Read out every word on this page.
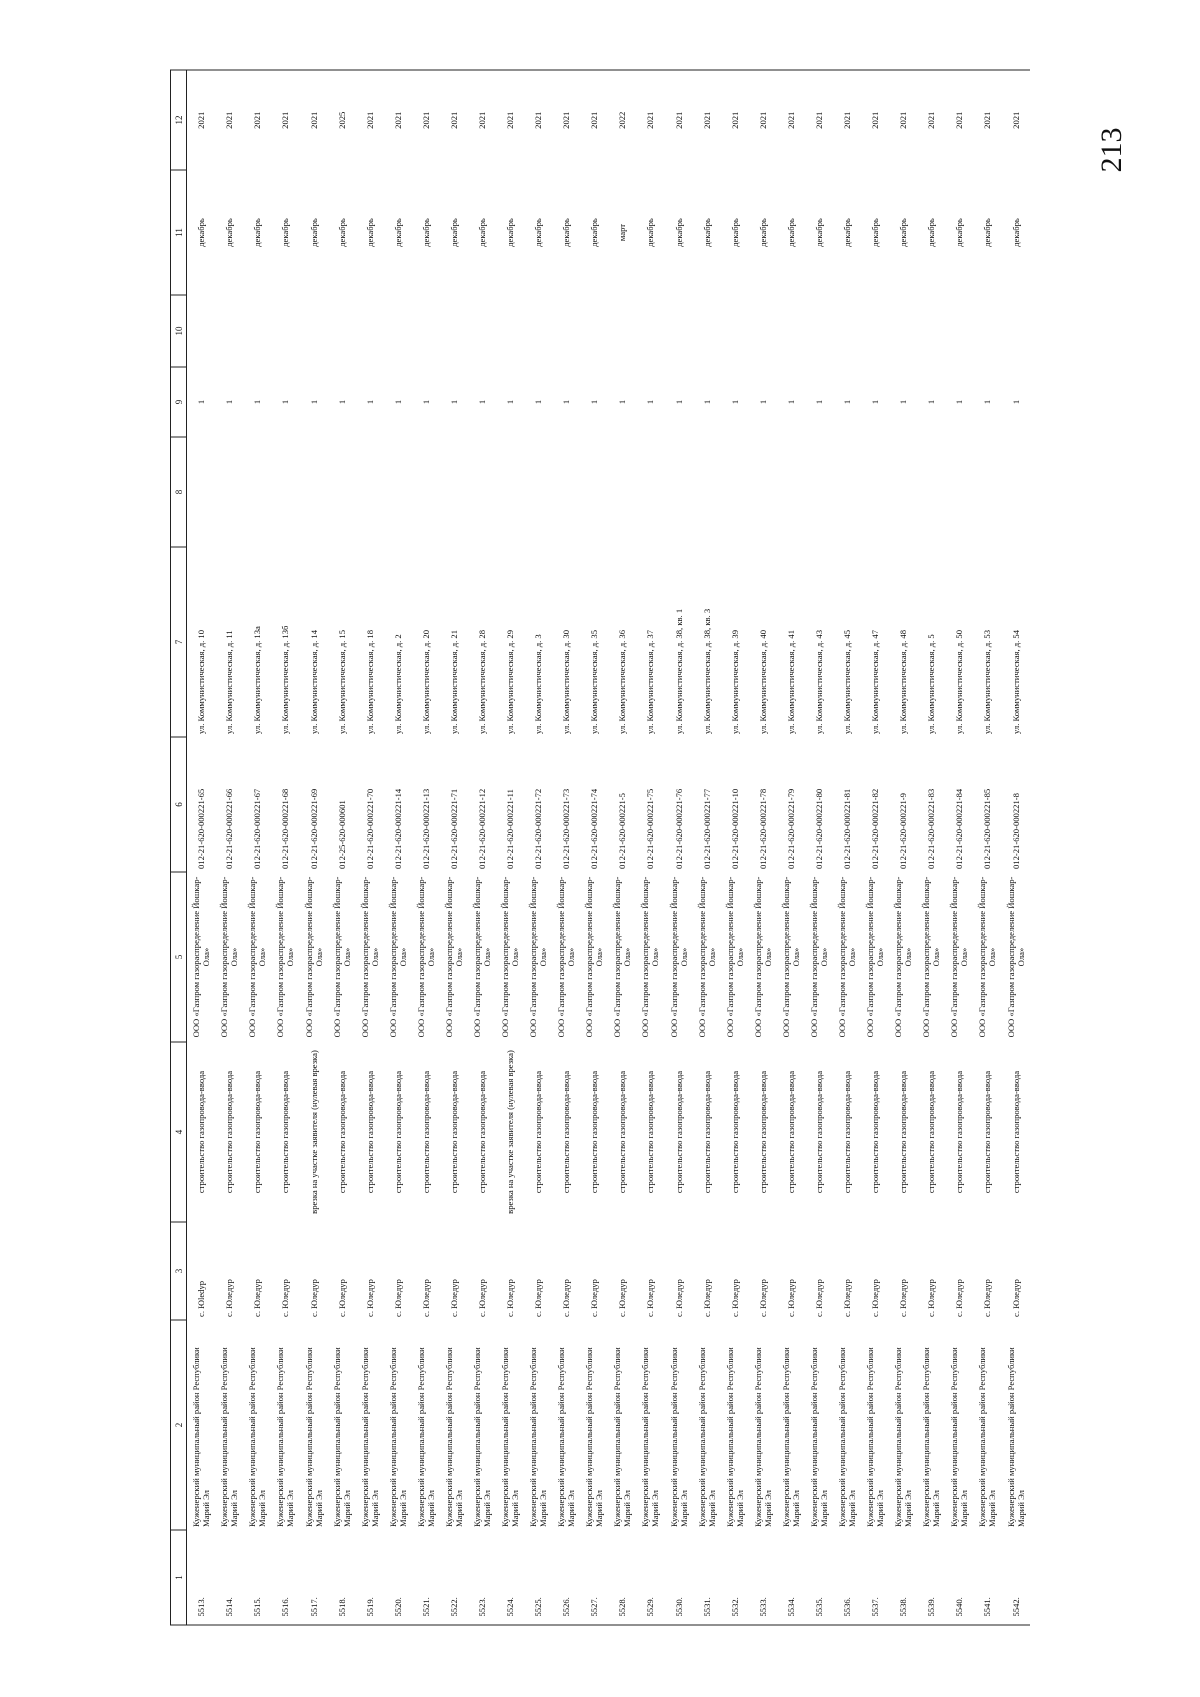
213
1	2	3	4	5	6	7	8	9	10	11	12
5513.	Куженерский муниципальный район Республики Марий Эл	с. Юledур	строительство газопровода-ввода	ООО «Газпром газораспределение Йошкар-Ола»	012-21-620-000221-65	ул. Коммунистическая, д. 10		1		декабрь	2021
5514.	Куженерский муниципальный район Республики Марий Эл	с. Юледур	строительство газопровода-ввода	ООО «Газпром газораспределение Йошкар-Ола»	012-21-620-000221-66	ул. Коммунистическая, д. 11		1		декабрь	2021
5515.	Куженерский муниципальный район Республики Марий Эл	с. Юледур	строительство газопровода-ввода	ООО «Газпром газораспределение Йошкар-Ола»	012-21-620-000221-67	ул. Коммунистическая, д. 13а		1		декабрь	2021
5516.	Куженерский муниципальный район Республики Марий Эл	с. Юледур	строительство газопровода-ввода	ООО «Газпром газораспределение Йошкар-Ола»	012-21-620-000221-68	ул. Коммунистическая, д. 13б		1		декабрь	2021
5517.	Куженерский муниципальный район Республики Марий Эл	с. Юледур	врезка на участке заявителя (нулевая врезка)	ООО «Газпром газораспределение Йошкар-Ола»	012-21-620-000221-69	ул. Коммунистическая, д. 14		1		декабрь	2021
5518.	Куженерский муниципальный район Республики Марий Эл	с. Юледур	строительство газопровода-ввода	ООО «Газпром газораспределение Йошкар-Ола»	012-25-620-000601	ул. Коммунистическая, д. 15		1		декабрь	2025
5519.	Куженерский муниципальный район Республики Марий Эл	с. Юледур	строительство газопровода-ввода	ООО «Газпром газораспределение Йошкар-Ола»	012-21-620-000221-70	ул. Коммунистическая, д. 18		1		декабрь	2021
5520.	Куженерский муниципальный район Республики Марий Эл	с. Юледур	строительство газопровода-ввода	ООО «Газпром газораспределение Йошкар-Ола»	012-21-620-000221-14	ул. Коммунистическая, д. 2		1		декабрь	2021
5521.	Куженерский муниципальный район Республики Марий Эл	с. Юледур	строительство газопровода-ввода	ООО «Газпром газораспределение Йошкар-Ола»	012-21-620-000221-13	ул. Коммунистическая, д. 20		1		декабрь	2021
5522.	Куженерский муниципальный район Республики Марий Эл	с. Юледур	строительство газопровода-ввода	ООО «Газпром газораспределение Йошкар-Ола»	012-21-620-000221-71	ул. Коммунистическая, д. 21		1		декабрь	2021
5523.	Куженерский муниципальный район Республики Марий Эл	с. Юледур	строительство газопровода-ввода	ООО «Газпром газораспределение Йошкар-Ола»	012-21-620-000221-12	ул. Коммунистическая, д. 28		1		декабрь	2021
5524.	Куженерский муниципальный район Республики Марий Эл	с. Юледур	врезка на участке заявителя (нулевая врезка)	ООО «Газпром газораспределение Йошкар-Ола»	012-21-620-000221-11	ул. Коммунистическая, д. 29		1		декабрь	2021
5525.	Куженерский муниципальный район Республики Марий Эл	с. Юледур	строительство газопровода-ввода	ООО «Газпром газораспределение Йошкар-Ола»	012-21-620-000221-72	ул. Коммунистическая, д. 3		1		декабрь	2021
5526.	Куженерский муниципальный район Республики Марий Эл	с. Юледур	строительство газопровода-ввода	ООО «Газпром газораспределение Йошкар-Ола»	012-21-620-000221-73	ул. Коммунистическая, д. 30		1		декабрь	2021
5527.	Куженерский муниципальный район Республики Марий Эл	с. Юледур	строительство газопровода-ввода	ООО «Газпром газораспределение Йошкар-Ола»	012-21-620-000221-74	ул. Коммунистическая, д. 35		1		декабрь	2021
5528.	Куженерский муниципальный район Республики Марий Эл	с. Юледур	строительство газопровода-ввода	ООО «Газпром газораспределение Йошкар-Ола»	012-21-620-000221-5	ул. Коммунистическая, д. 36		1		март	2022
5529.	Куженерский муниципальный район Республики Марий Эл	с. Юледур	строительство газопровода-ввода	ООО «Газпром газораспределение Йошкар-Ола»	012-21-620-000221-75	ул. Коммунистическая, д. 37		1		декабрь	2021
5530.	Куженерский муниципальный район Республики Марий Эл	с. Юледур	строительство газопровода-ввода	ООО «Газпром газораспределение Йошкар-Ола»	012-21-620-000221-76	ул. Коммунистическая, д. 38, кв. 1		1		декабрь	2021
5531.	Куженерский муниципальный район Республики Марий Эл	с. Юледур	строительство газопровода-ввода	ООО «Газпром газораспределение Йошкар-Ола»	012-21-620-000221-77	ул. Коммунистическая, д. 38, кв. 3		1		декабрь	2021
5532.	Куженерский муниципальный район Республики Марий Эл	с. Юледур	строительство газопровода-ввода	ООО «Газпром газораспределение Йошкар-Ола»	012-21-620-000221-10	ул. Коммунистическая, д. 39		1		декабрь	2021
5533.	Куженерский муниципальный район Республики Марий Эл	с. Юледур	строительство газопровода-ввода	ООО «Газпром газораспределение Йошкар-Ола»	012-21-620-000221-78	ул. Коммунистическая, д. 40		1		декабрь	2021
5534.	Куженерский муниципальный район Республики Марий Эл	с. Юледур	строительство газопровода-ввода	ООО «Газпром газораспределение Йошкар-Ола»	012-21-620-000221-79	ул. Коммунистическая, д. 41		1		декабрь	2021
5535.	Куженерский муниципальный район Республики Марий Эл	с. Юледур	строительство газопровода-ввода	ООО «Газпром газораспределение Йошкар-Ола»	012-21-620-000221-80	ул. Коммунистическая, д. 43		1		декабрь	2021
5536.	Куженерский муниципальный район Республики Марий Эл	с. Юледур	строительство газопровода-ввода	ООО «Газпром газораспределение Йошкар-Ола»	012-21-620-000221-81	ул. Коммунистическая, д. 45		1		декабрь	2021
5537.	Куженерский муниципальный район Республики Марий Эл	с. Юледур	строительство газопровода-ввода	ООО «Газпром газораспределение Йошкар-Ола»	012-21-620-000221-82	ул. Коммунистическая, д. 47		1		декабрь	2021
5538.	Куженерский муниципальный район Республики Марий Эл	с. Юледур	строительство газопровода-ввода	ООО «Газпром газораспределение Йошкар-Ола»	012-21-620-000221-9	ул. Коммунистическая, д. 48		1		декабрь	2021
5539.	Куженерский муниципальный район Республики Марий Эл	с. Юледур	строительство газопровода-ввода	ООО «Газпром газораспределение Йошкар-Ола»	012-21-620-000221-83	ул. Коммунистическая, д. 5		1		декабрь	2021
5540.	Куженерский муниципальный район Республики Марий Эл	с. Юледур	строительство газопровода-ввода	ООО «Газпром газораспределение Йошкар-Ола»	012-21-620-000221-84	ул. Коммунистическая, д. 50		1		декабрь	2021
5541.	Куженерский муниципальный район Республики Марий Эл	с. Юледур	строительство газопровода-ввода	ООО «Газпром газораспределение Йошкар-Ола»	012-21-620-000221-85	ул. Коммунистическая, д. 53		1		декабрь	2021
5542.	Куженерский муниципальный район Республики Марий Эл	с. Юледур	строительство газопровода-ввода	ООО «Газпром газораспределение Йошкар-Ола»	012-21-620-000221-8	ул. Коммунистическая, д. 54		1		декабрь	2021
